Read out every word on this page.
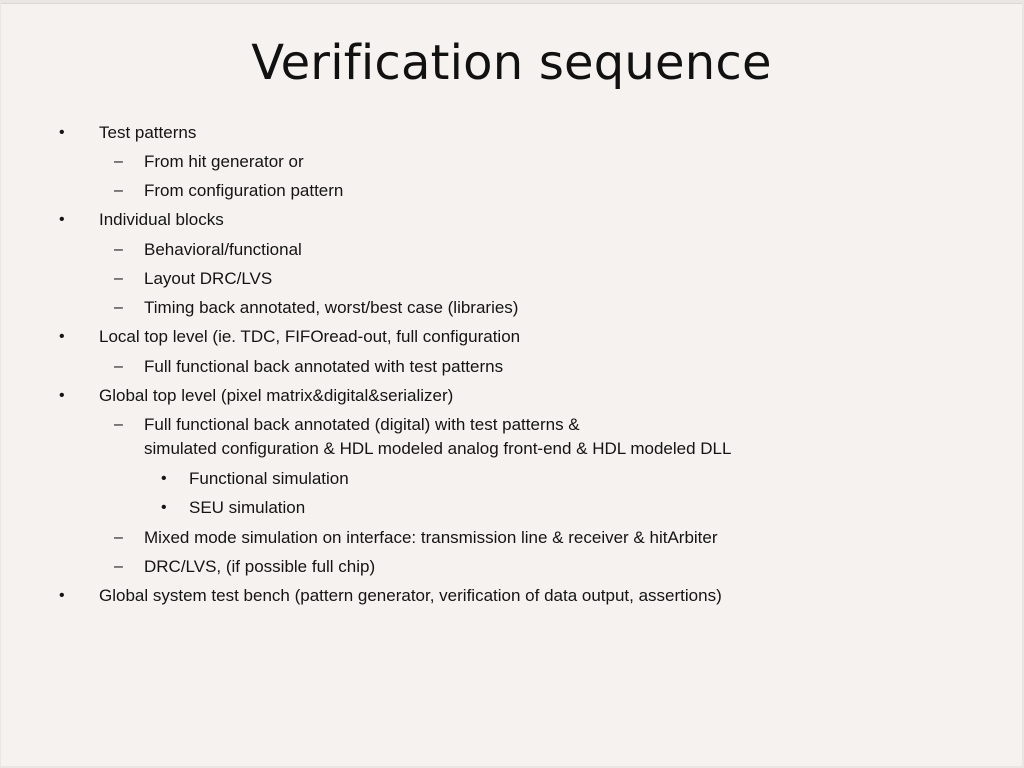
Verification sequence
• Test patterns
– From hit generator or
– From configuration pattern
• Individual blocks
– Behavioral/functional
– Layout DRC/LVS
– Timing back annotated, worst/best case (libraries)
• Local top level (ie. TDC, FIFOread-out, full configuration
– Full functional back annotated with test patterns
• Global top level (pixel matrix&digital&serializer)
– Full functional back annotated (digital) with test patterns &
simulated configuration & HDL modeled analog front-end & HDL modeled DLL
• Functional simulation
• SEU simulation
– Mixed mode simulation on interface: transmission line & receiver & hitArbiter
– DRC/LVS, (if possible full chip)
• Global system test bench (pattern generator, verification of data output, assertions)
